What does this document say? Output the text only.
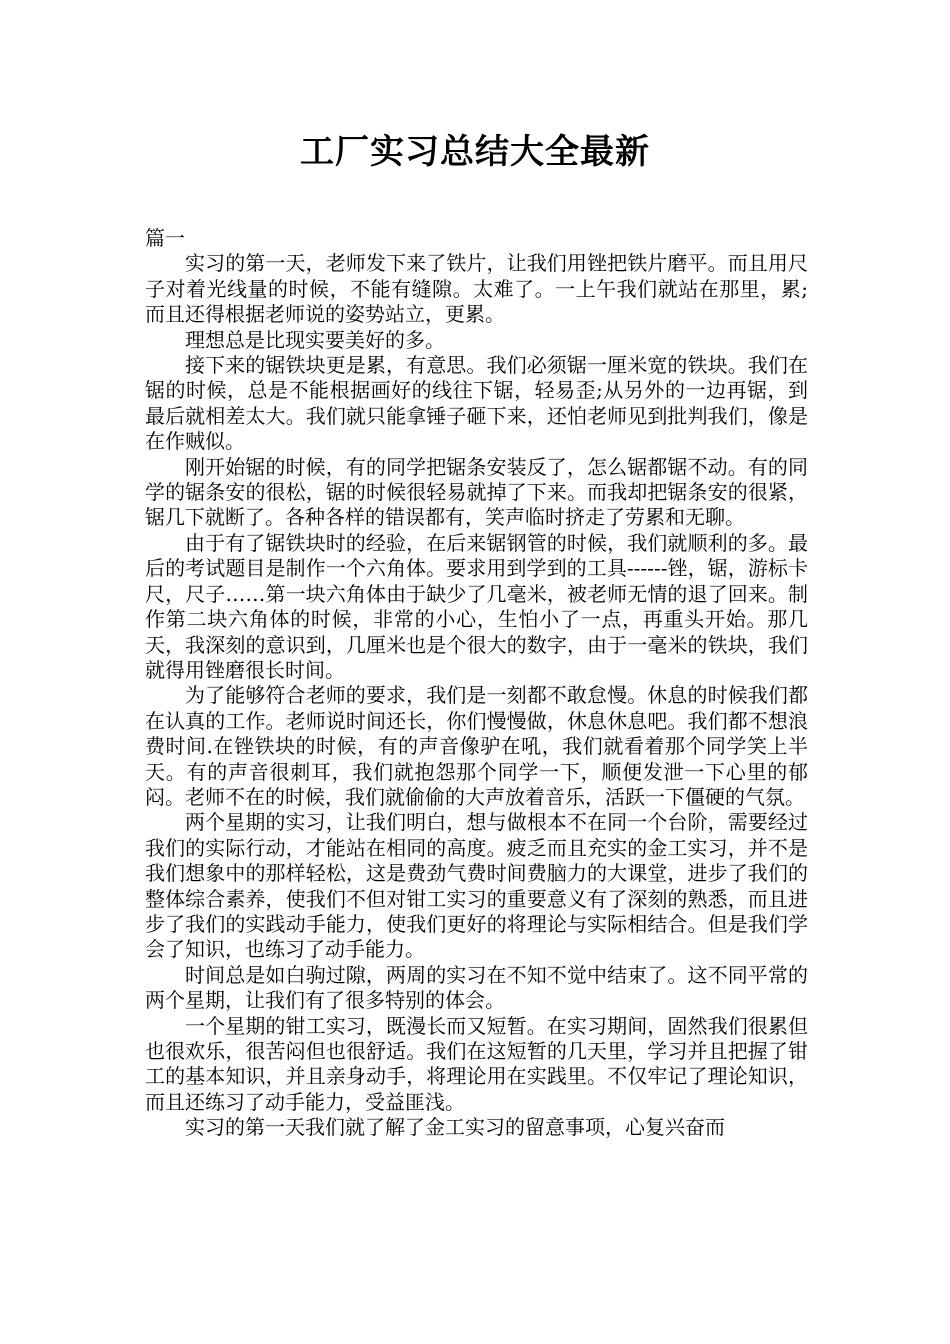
工厂实习总结大全最新

篇一

实习的第一天，老师发下来了铁片，让我们用锉把铁片磨平。而且用尺子对着光线量的时候，不能有缝隙。太难了。一上午我们就站在那里，累;而且还得根据老师说的姿势站立，更累。

理想总是比现实要美好的多。

接下来的锯铁块更是累，有意思。我们必须锯一厘米宽的铁块。我们在锯的时候，总是不能根据画好的线往下锯，轻易歪;从另外的一边再锯，到最后就相差太大。我们就只能拿锤子砸下来，还怕老师见到批判我们，像是在作贼似。

刚开始锯的时候，有的同学把锯条安装反了，怎么锯都锯不动。有的同学的锯条安的很松，锯的时候很轻易就掉了下来。而我却把锯条安的很紧，锯几下就断了。各种各样的错误都有，笑声临时挤走了劳累和无聊。

由于有了锯铁块时的经验，在后来锯钢管的时候，我们就顺利的多。最后的考试题目是制作一个六角体。要求用到学到的工具------锉，锯，游标卡尺，尺子……第一块六角体由于缺少了几毫米，被老师无情的退了回来。制作第二块六角体的时候，非常的小心，生怕小了一点，再重头开始。那几天，我深刻的意识到，几厘米也是个很大的数字，由于一毫米的铁块，我们就得用锉磨很长时间。

为了能够符合老师的要求，我们是一刻都不敢怠慢。休息的时候我们都在认真的工作。老师说时间还长，你们慢慢做，休息休息吧。我们都不想浪费时间.在锉铁块的时候，有的声音像驴在吼，我们就看着那个同学笑上半天。有的声音很刺耳，我们就抱怨那个同学一下，顺便发泄一下心里的郁闷。老师不在的时候，我们就偷偷的大声放着音乐，活跃一下僵硬的气氛。

两个星期的实习，让我们明白，想与做根本不在同一个台阶，需要经过我们的实际行动，才能站在相同的高度。疲乏而且充实的金工实习，并不是我们想象中的那样轻松，这是费劲气费时间费脑力的大课堂，进步了我们的整体综合素养，使我们不但对钳工实习的重要意义有了深刻的熟悉，而且进步了我们的实践动手能力，使我们更好的将理论与实际相结合。但是我们学会了知识，也练习了动手能力。

时间总是如白驹过隙，两周的实习在不知不觉中结束了。这不同平常的两个星期，让我们有了很多特别的体会。

一个星期的钳工实习，既漫长而又短暂。在实习期间，固然我们很累但也很欢乐，很苦闷但也很舒适。我们在这短暂的几天里，学习并且把握了钳工的基本知识，并且亲身动手，将理论用在实践里。不仅牢记了理论知识，而且还练习了动手能力，受益匪浅。

实习的第一天我们就了解了金工实习的留意事项，心复兴奋而
